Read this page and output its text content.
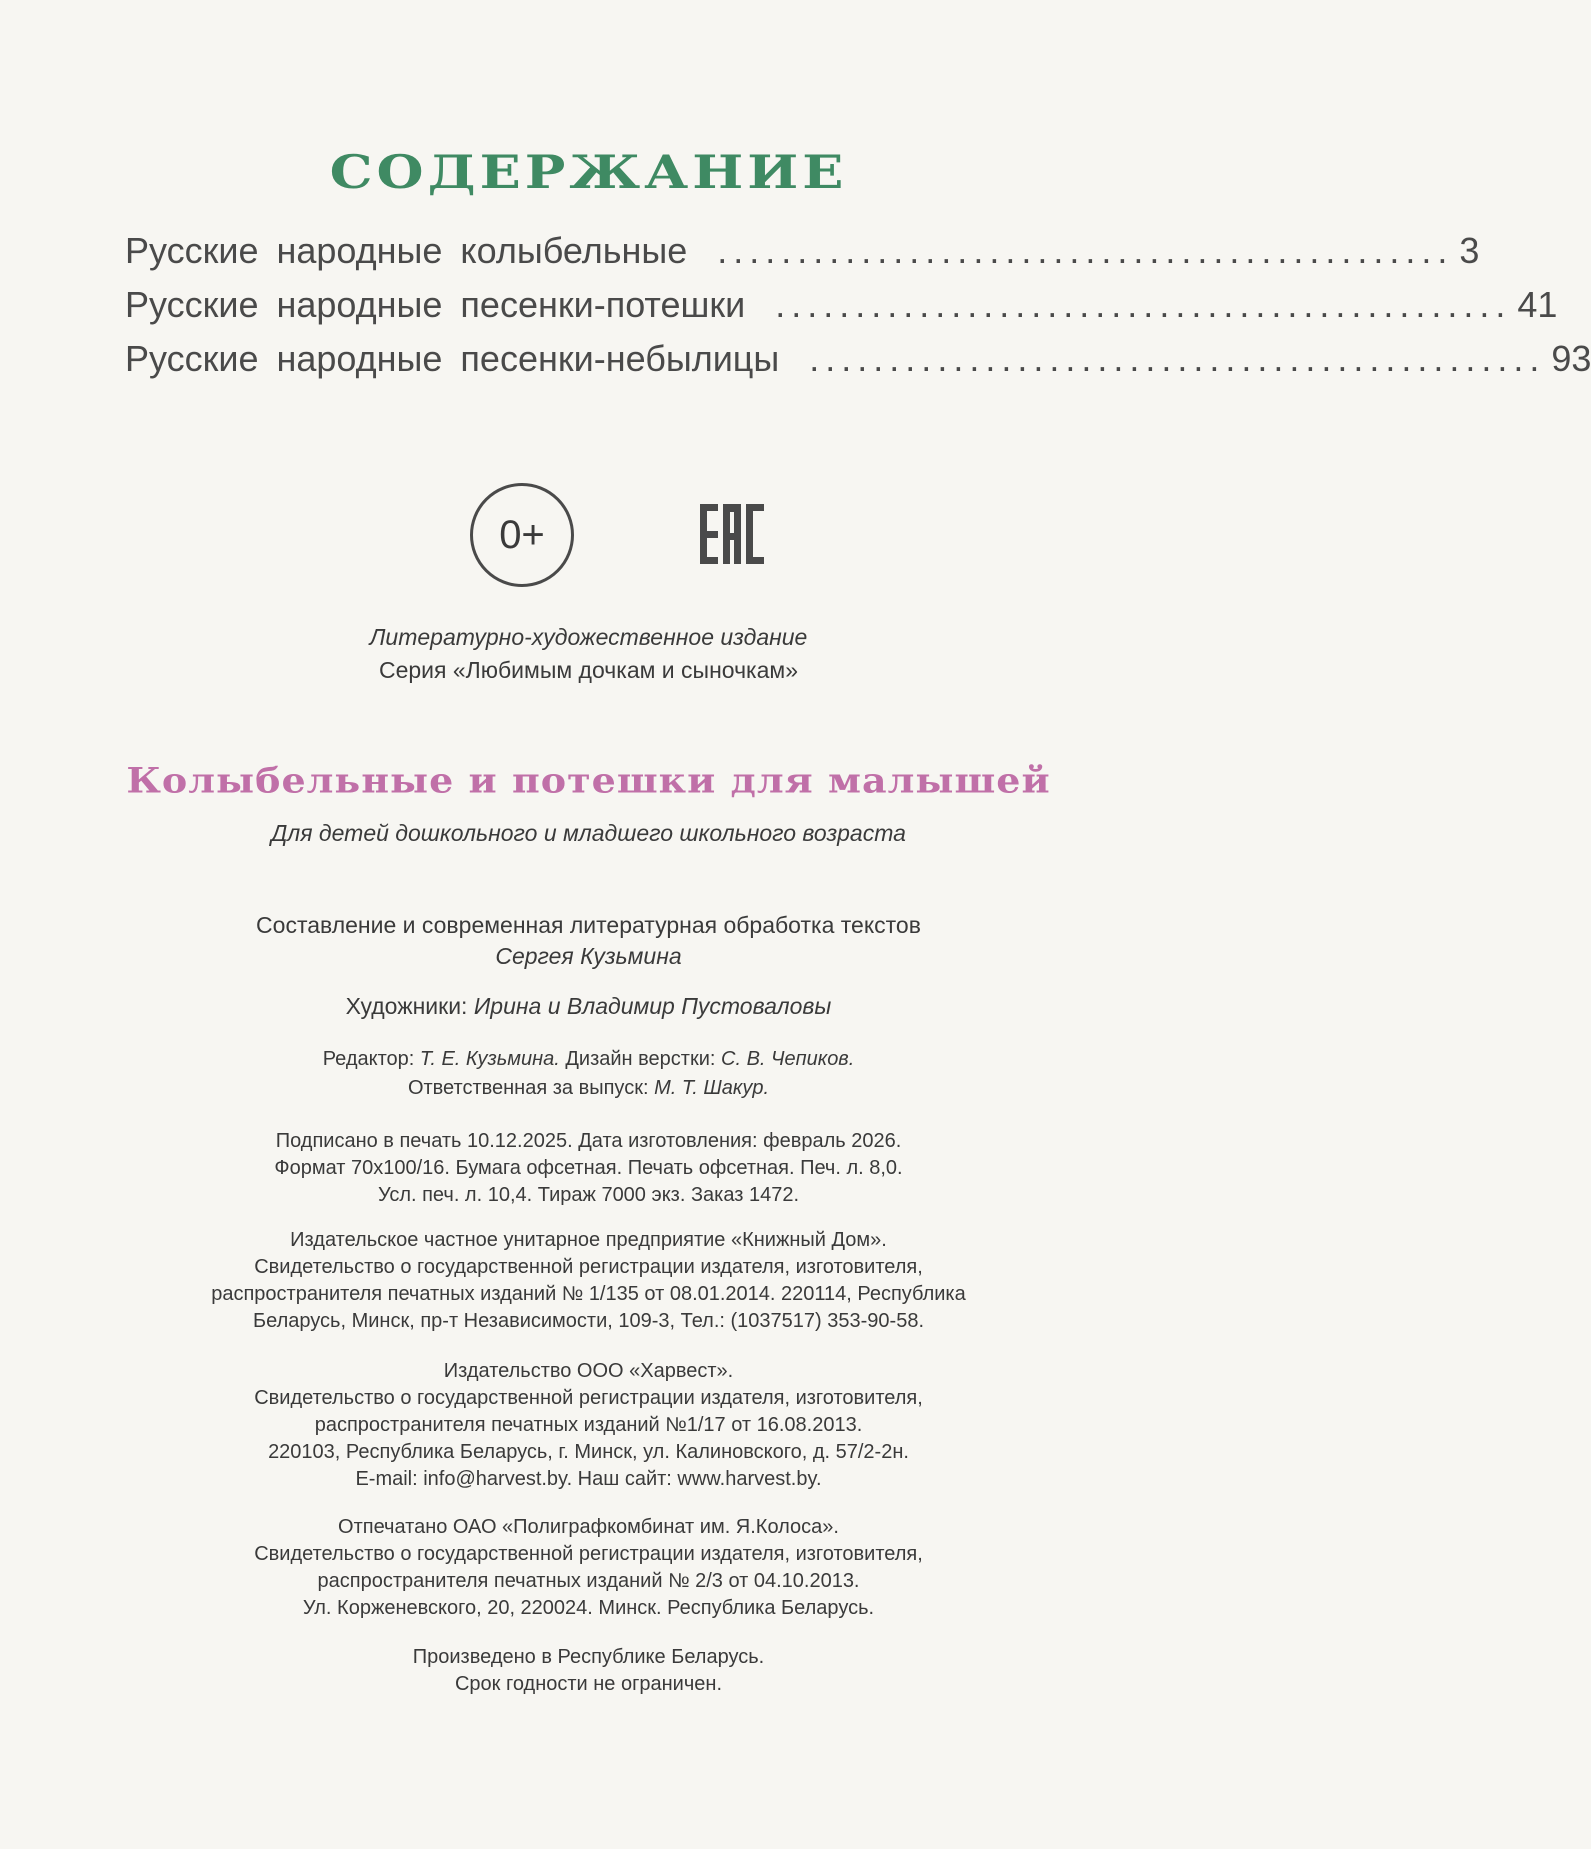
СОДЕРЖАНИЕ
Русские народные колыбельные .............................................. 3
Русские народные песенки-потешки .............................................. 41
Русские народные песенки-небылицы .............................................. 93
0+
Литературно-художественное издание
Серия «Любимым дочкам и сыночкам»
Колыбельные и потешки для малышей
Для детей дошкольного и младшего школьного возраста
Составление и современная литературная обработка текстов
Сергея Кузьмина
Художники: Ирина и Владимир Пустоваловы
Редактор: Т. Е. Кузьмина. Дизайн верстки: С. В. Чепиков.
Ответственная за выпуск: М. Т. Шакур.
Подписано в печать 10.12.2025. Дата изготовления: февраль 2026.
Формат 70x100/16. Бумага офсетная. Печать офсетная. Печ. л. 8,0.
Усл. печ. л. 10,4. Тираж 7000 экз. Заказ 1472.
Издательское частное унитарное предприятие «Книжный Дом».
Свидетельство о государственной регистрации издателя, изготовителя,
распространителя печатных изданий № 1/135 от 08.01.2014. 220114, Республика
Беларусь, Минск, пр-т Независимости, 109-3, Тел.: (1037517) 353-90-58.
Издательство ООО «Харвест».
Свидетельство о государственной регистрации издателя, изготовителя,
распространителя печатных изданий №1/17 от 16.08.2013.
220103, Республика Беларусь, г. Минск, ул. Калиновского, д. 57/2-2н.
E-mail: info@harvest.by. Наш сайт: www.harvest.by.
Отпечатано ОАО «Полиграфкомбинат им. Я.Колоса».
Свидетельство о государственной регистрации издателя, изготовителя,
распространителя печатных изданий № 2/3 от 04.10.2013.
Ул. Корженевского, 20, 220024. Минск. Республика Беларусь.
Произведено в Республике Беларусь.
Срок годности не ограничен.
